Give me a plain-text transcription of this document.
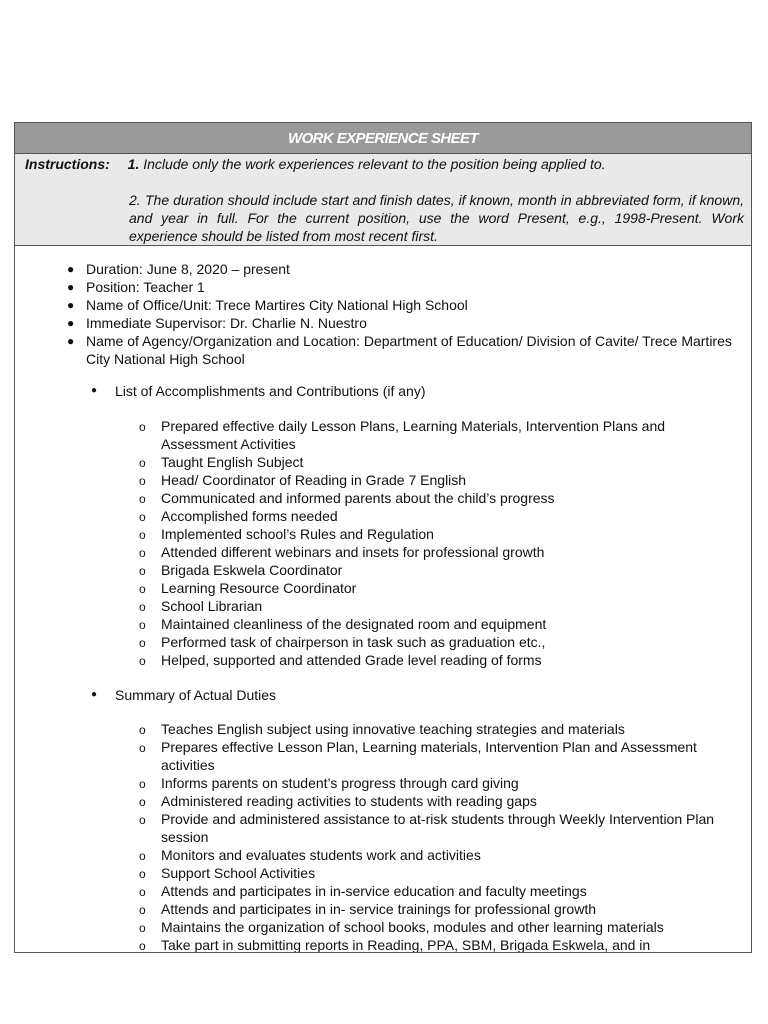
WORK EXPERIENCE SHEET
Instructions: 1. Include only the work experiences relevant to the position being applied to.
2. The duration should include start and finish dates, if known, month in abbreviated form, if known, and year in full. For the current position, use the word Present, e.g., 1998-Present. Work experience should be listed from most recent first.
● Duration: June 8, 2020 – present
● Position: Teacher 1
● Name of Office/Unit: Trece Martires City National High School
● Immediate Supervisor: Dr. Charlie N. Nuestro
● Name of Agency/Organization and Location: Department of Education/ Division of Cavite/ Trece Martires City National High School
● List of Accomplishments and Contributions (if any)
o Prepared effective daily Lesson Plans, Learning Materials, Intervention Plans and Assessment Activities
o Taught English Subject
o Head/ Coordinator of Reading in Grade 7 English
o Communicated and informed parents about the child’s progress
o Accomplished forms needed
o Implemented school’s Rules and Regulation
o Attended different webinars and insets for professional growth
o Brigada Eskwela Coordinator
o Learning Resource Coordinator
o School Librarian
o Maintained cleanliness of the designated room and equipment
o Performed task of chairperson in task such as graduation etc.,
o Helped, supported and attended Grade level reading of forms
● Summary of Actual Duties
o Teaches English subject using innovative teaching strategies and materials
o Prepares effective Lesson Plan, Learning materials, Intervention Plan and Assessment activities
o Informs parents on student’s progress through card giving
o Administered reading activities to students with reading gaps
o Provide and administered assistance to at-risk students through Weekly Intervention Plan session
o Monitors and evaluates students work and activities
o Support School Activities
o Attends and participates in in-service education and faculty meetings
o Attends and participates in in- service trainings for professional growth
o Maintains the organization of school books, modules and other learning materials
o Take part in submitting reports in Reading, PPA, SBM, Brigada Eskwela, and in
